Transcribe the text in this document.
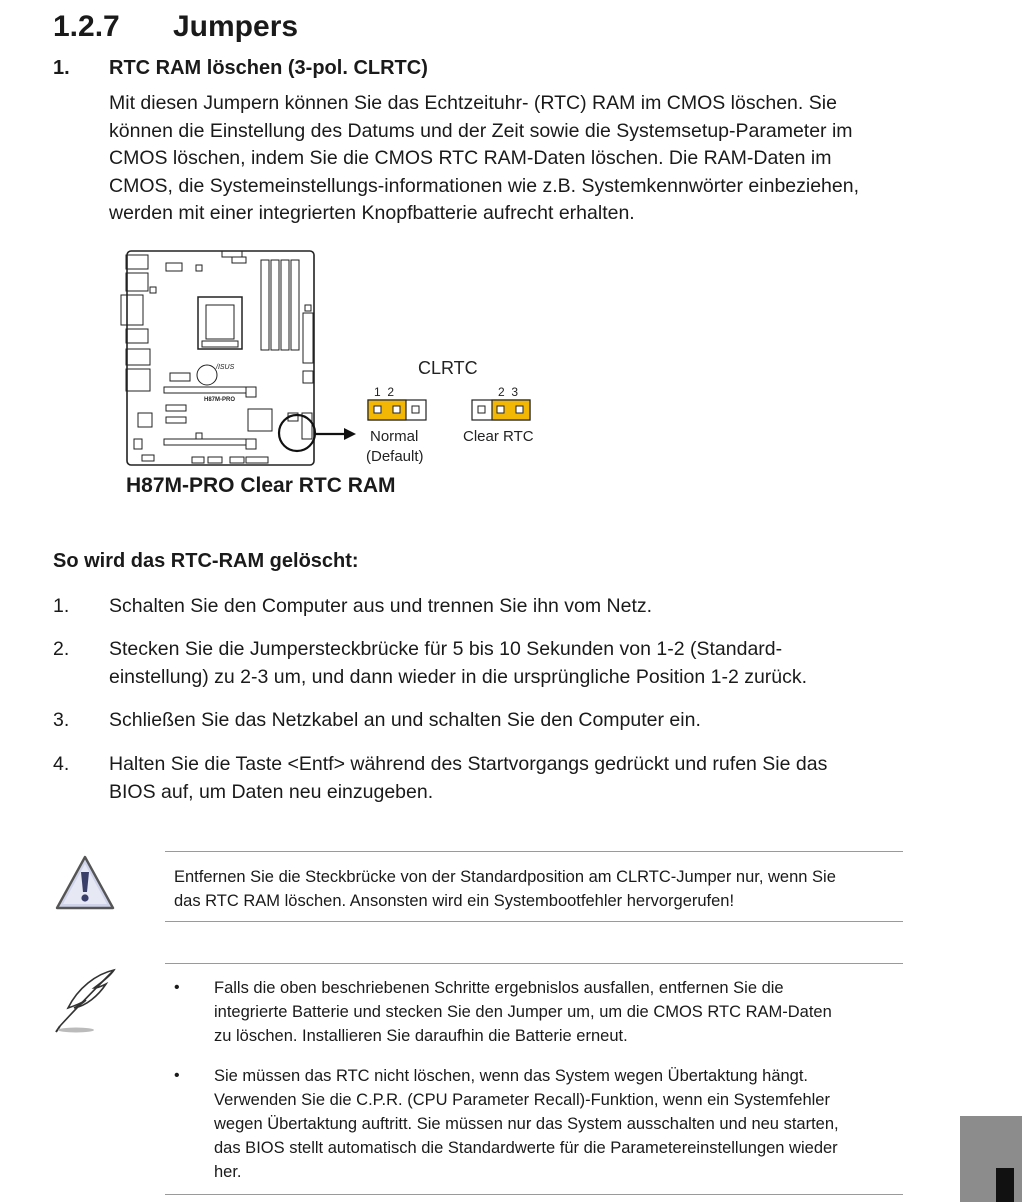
1.2.7 Jumpers
1. RTC RAM löschen (3-pol. CLRTC)
Mit diesen Jumpern können Sie das Echtzeituhr- (RTC) RAM im CMOS löschen. Sie
können die Einstellung des Datums und der Zeit sowie die Systemsetup-Parameter im
CMOS löschen, indem Sie die CMOS RTC RAM-Daten löschen. Die RAM-Daten im
CMOS, die Systemeinstellungs-informationen wie z.B. Systemkennwörter einbeziehen,
werden mit einer integrierten Knopfbatterie aufrecht erhalten.
/ISUS
H87M-PRO
CLRTC
1  2
Normal
(Default)
2  3
Clear RTC
H87M-PRO Clear RTC RAM
So wird das RTC-RAM gelöscht:
1. Schalten Sie den Computer aus und trennen Sie ihn vom Netz.
2. Stecken Sie die Jumpersteckbrücke für 5 bis 10 Sekunden von 1-2 (Standard-
einstellung) zu 2-3 um, und dann wieder in die ursprüngliche Position 1-2 zurück.
3. Schließen Sie das Netzkabel an und schalten Sie den Computer ein.
4. Halten Sie die Taste <Entf> während des Startvorgangs gedrückt und rufen Sie das
BIOS auf, um Daten neu einzugeben.
Entfernen Sie die Steckbrücke von der Standardposition am CLRTC-Jumper nur, wenn Sie
das RTC RAM löschen. Ansonsten wird ein Systembootfehler hervorgerufen!
• Falls die oben beschriebenen Schritte ergebnislos ausfallen, entfernen Sie die
integrierte Batterie und stecken Sie den Jumper um, um die CMOS RTC RAM-Daten
zu löschen. Installieren Sie daraufhin die Batterie erneut.
• Sie müssen das RTC nicht löschen, wenn das System wegen Übertaktung hängt.
Verwenden Sie die C.P.R. (CPU Parameter Recall)-Funktion, wenn ein Systemfehler
wegen Übertaktung auftritt. Sie müssen nur das System ausschalten und neu starten,
das BIOS stellt automatisch die Standardwerte für die Parametereinstellungen wieder
her.
